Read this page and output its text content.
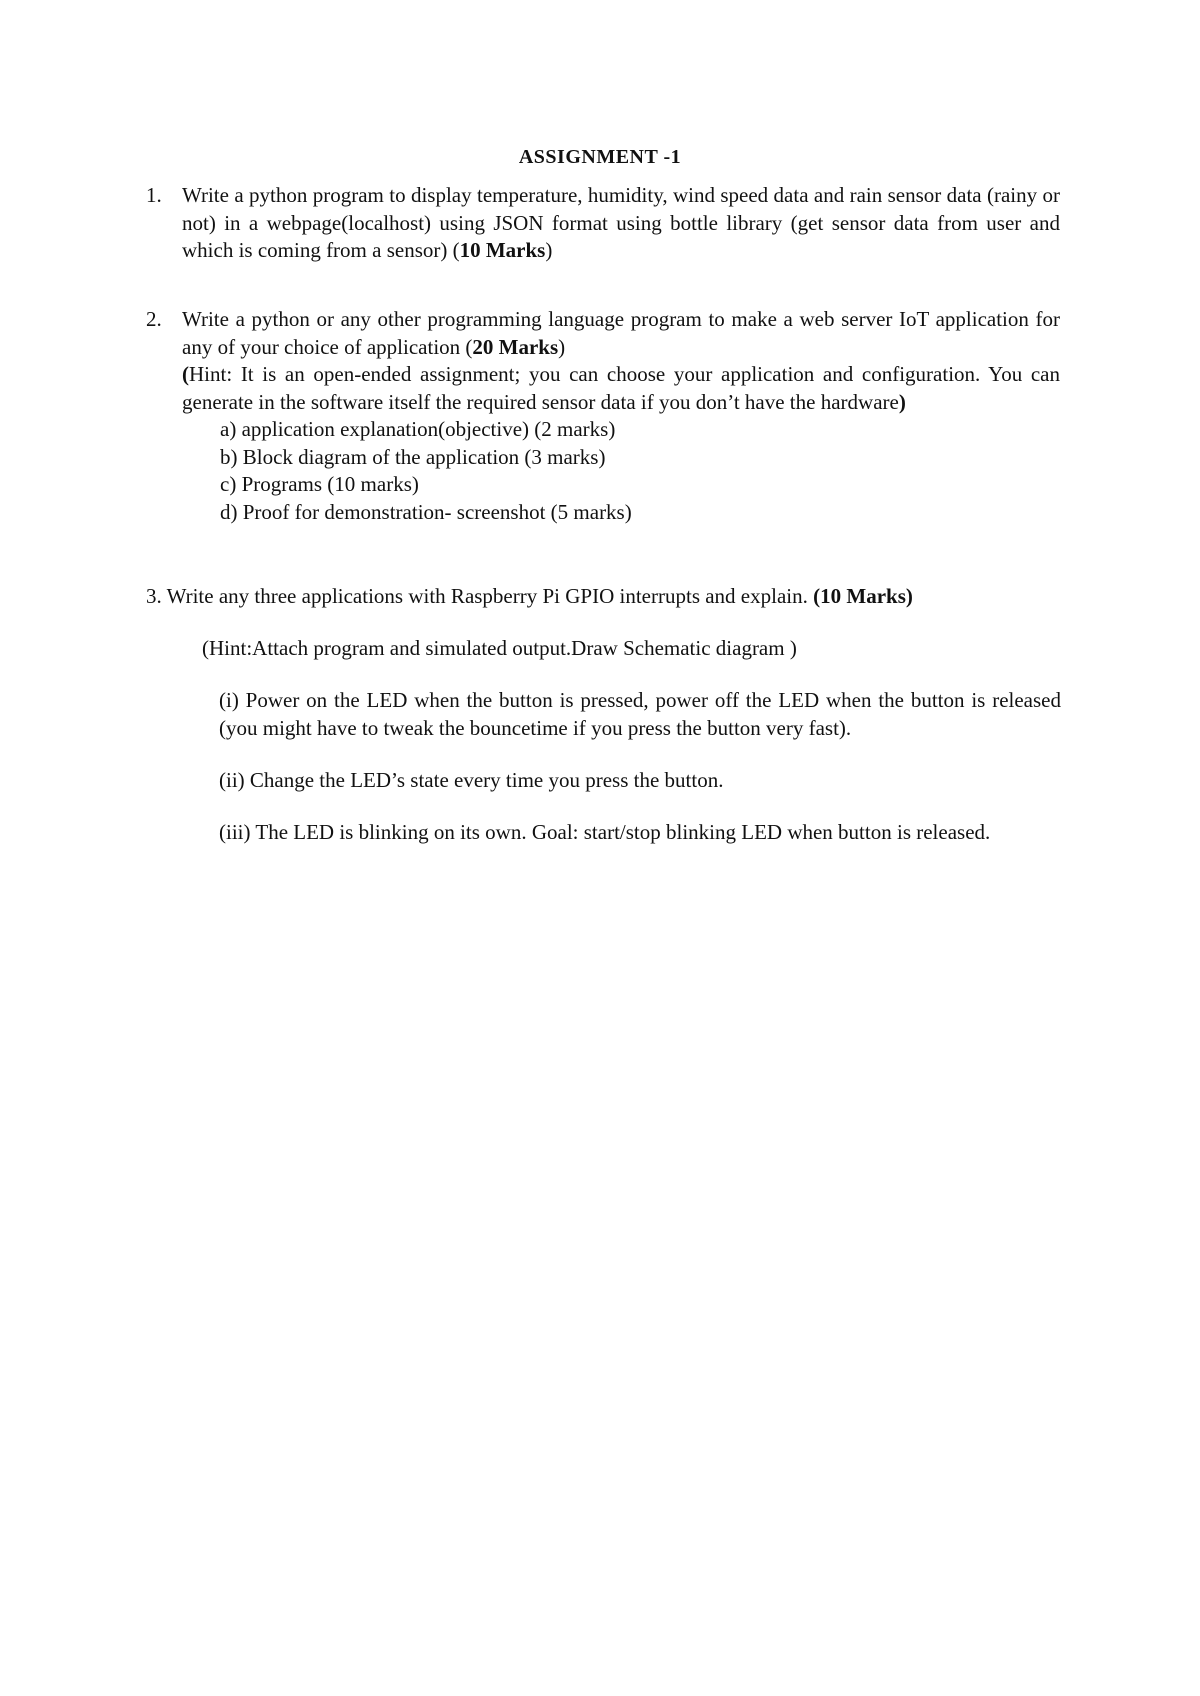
ASSIGNMENT -1
1. Write a python program to display temperature, humidity, wind speed data and rain sensor data (rainy or not) in a webpage(localhost) using JSON format using bottle library (get sensor data from user and which is coming from a sensor) (10 Marks)
2. Write a python or any other programming language program to make a web server IoT application for any of your choice of application (20 Marks)
(Hint: It is an open-ended assignment; you can choose your application and configuration. You can generate in the software itself the required sensor data if you don’t have the hardware)
a) application explanation(objective) (2 marks)
b) Block diagram of the application (3 marks)
c) Programs (10 marks)
d) Proof for demonstration- screenshot (5 marks)
3. Write any three applications with Raspberry Pi GPIO interrupts and explain. (10 Marks)
(Hint:Attach program and simulated output.Draw Schematic diagram )
(i) Power on the LED when the button is pressed, power off the LED when the button is released (you might have to tweak the bouncetime if you press the button very fast).
(ii) Change the LED’s state every time you press the button.
(iii) The LED is blinking on its own. Goal: start/stop blinking LED when button is released.
